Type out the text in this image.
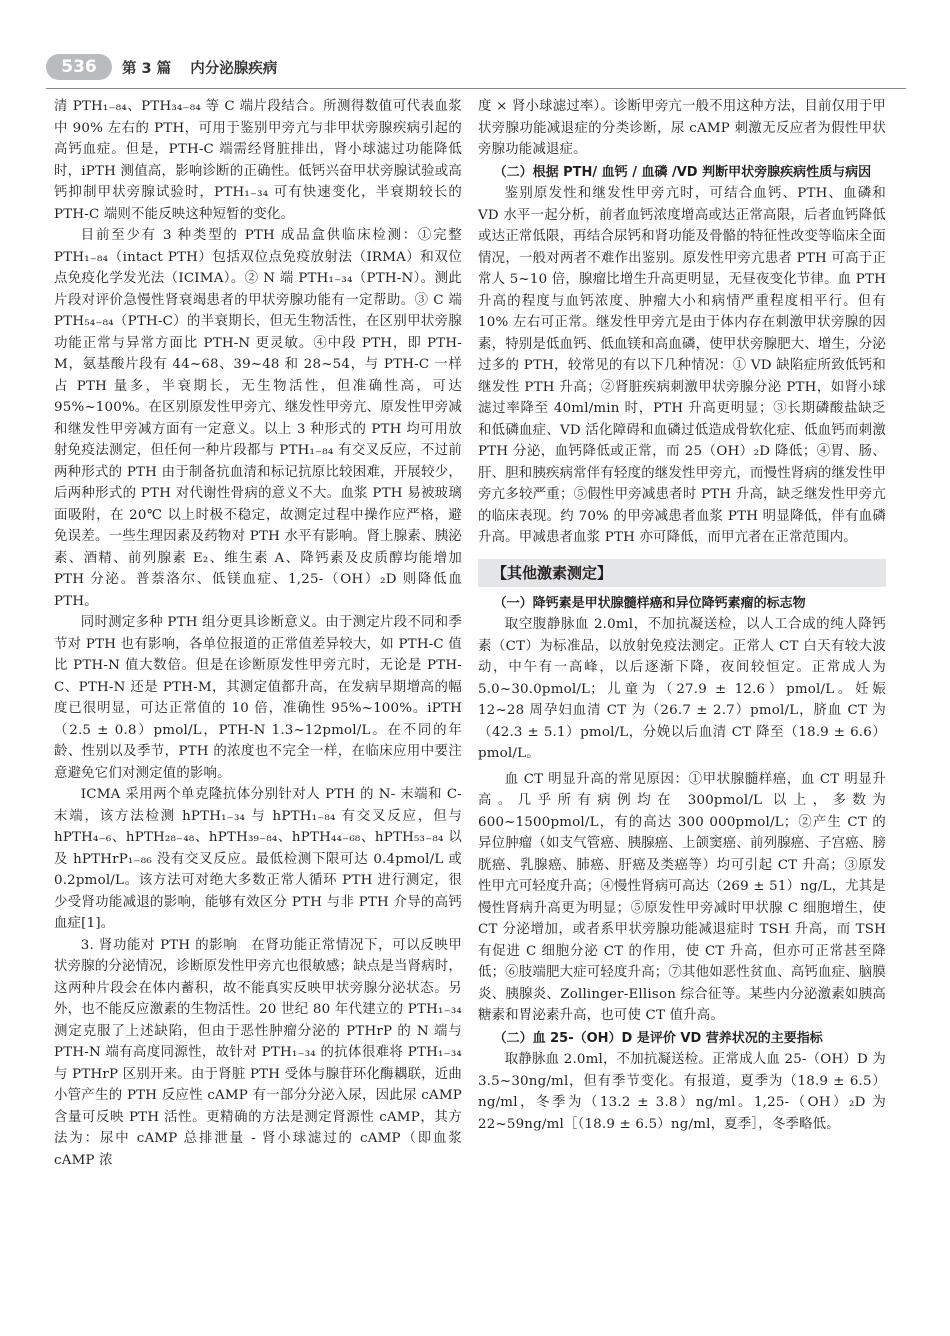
536	第 3 篇 内分泌腺疾病

清 PTH₁₋₈₄、PTH₃₄₋₈₄ 等 C 端片段结合。所测得数值可代表血浆中 90% 左右的 PTH，可用于鉴别甲旁亢与非甲状旁腺疾病引起的高钙血症。但是，PTH-C 端需经肾脏排出，肾小球滤过功能降低时，iPTH 测值高，影响诊断的正确性。低钙兴奋甲状旁腺试验或高钙抑制甲状旁腺试验时，PTH₁₋₃₄ 可有快速变化，半衰期较长的 PTH-C 端则不能反映这种短暂的变化。

目前至少有 3 种类型的 PTH 成品盒供临床检测：①完整 PTH₁₋₈₄（intact PTH）包括双位点免疫放射法（IRMA）和双位点免疫化学发光法（ICIMA）。② N 端 PTH₁₋₃₄（PTH-N）。测此片段对评价急慢性肾衰竭患者的甲状旁腺功能有一定帮助。③ C 端 PTH₅₄₋₈₄（PTH-C）的半衰期长，但无生物活性，在区别甲状旁腺功能正常与异常方面比 PTH-N 更灵敏。④中段 PTH，即 PTH-M，氨基酸片段有 44~68、39~48 和 28~54，与 PTH-C 一样占 PTH 量多，半衰期长，无生物活性，但准确性高，可达 95%~100%。在区别原发性甲旁亢、继发性甲旁亢、原发性甲旁减和继发性甲旁减方面有一定意义。以上 3 种形式的 PTH 均可用放射免疫法测定，但任何一种片段都与 PTH₁₋₈₄ 有交叉反应，不过前两种形式的 PTH 由于制备抗血清和标记抗原比较困难，开展较少，后两种形式的 PTH 对代谢性骨病的意义不大。血浆 PTH 易被玻璃面吸附，在 20℃ 以上时极不稳定，故测定过程中操作应严格，避免误差。一些生理因素及药物对 PTH 水平有影响。肾上腺素、胰泌素、酒精、前列腺素 E₂、维生素 A、降钙素及皮质醇均能增加 PTH 分泌。普萘洛尔、低镁血症、1,25-（OH）₂D 则降低血 PTH。

同时测定多种 PTH 组分更具诊断意义。由于测定片段不同和季节对 PTH 也有影响，各单位报道的正常值差异较大，如 PTH-C 值比 PTH-N 值大数倍。但是在诊断原发性甲旁亢时，无论是 PTH-C、PTH-N 还是 PTH-M，其测定值都升高，在发病早期增高的幅度已很明显，可达正常值的 10 倍，准确性 95%~100%。iPTH（2.5 ± 0.8）pmol/L，PTH-N 1.3~12pmol/L。在不同的年龄、性别以及季节，PTH 的浓度也不完全一样，在临床应用中要注意避免它们对测定值的影响。

ICMA 采用两个单克隆抗体分别针对人 PTH 的 N- 末端和 C- 末端，该方法检测 hPTH₁₋₃₄ 与 hPTH₁₋₈₄ 有交叉反应，但与 hPTH₄₋₆、hPTH₂₈₋₄₈、hPTH₃₉₋₈₄、hPTH₄₄₋₆₈、hPTH₅₃₋₈₄ 以及 hPTHrP₁₋₈₆ 没有交叉反应。最低检测下限可达 0.4pmol/L 或 0.2pmol/L。该方法可对绝大多数正常人循环 PTH 进行测定，很少受肾功能减退的影响，能够有效区分 PTH 与非 PTH 介导的高钙血症[1]。

3. 肾功能对 PTH 的影响　在肾功能正常情况下，可以反映甲状旁腺的分泌情况，诊断原发性甲旁亢也很敏感；缺点是当肾病时，这两种片段会在体内蓄积，故不能真实反映甲状旁腺分泌状态。另外，也不能反应激素的生物活性。20 世纪 80 年代建立的 PTH₁₋₃₄ 测定克服了上述缺陷，但由于恶性肿瘤分泌的 PTHrP 的 N 端与 PTH-N 端有高度同源性，故针对 PTH₁₋₃₄ 的抗体很难将 PTH₁₋₃₄ 与 PTHrP 区别开来。由于肾脏 PTH 受体与腺苷环化酶耦联，近曲小管产生的 PTH 反应性 cAMP 有一部分分泌入尿，因此尿 cAMP 含量可反映 PTH 活性。更精确的方法是测定肾源性 cAMP，其方法为：尿中 cAMP 总排泄量 - 肾小球滤过的 cAMP（即血浆 cAMP 浓

度 × 肾小球滤过率）。诊断甲旁亢一般不用这种方法，目前仅用于甲状旁腺功能减退症的分类诊断，尿 cAMP 刺激无反应者为假性甲状旁腺功能减退症。

（二）根据 PTH/ 血钙 / 血磷 /VD 判断甲状旁腺疾病性质与病因

鉴别原发性和继发性甲旁亢时，可结合血钙、PTH、血磷和 VD 水平一起分析，前者血钙浓度增高或达正常高限，后者血钙降低或达正常低限，再结合尿钙和肾功能及骨骼的特征性改变等临床全面情况，一般对两者不难作出鉴别。原发性甲旁亢患者 PTH 可高于正常人 5~10 倍，腺瘤比增生升高更明显，无昼夜变化节律。血 PTH 升高的程度与血钙浓度、肿瘤大小和病情严重程度相平行。但有 10% 左右可正常。继发性甲旁亢是由于体内存在刺激甲状旁腺的因素，特别是低血钙、低血镁和高血磷，使甲状旁腺肥大、增生，分泌过多的 PTH，较常见的有以下几种情况：① VD 缺陷症所致低钙和继发性 PTH 升高；②肾脏疾病刺激甲状旁腺分泌 PTH，如肾小球滤过率降至 40ml/min 时，PTH 升高更明显；③长期磷酸盐缺乏和低磷血症、VD 活化障碍和血磷过低造成骨软化症、低血钙而刺激 PTH 分泌，血钙降低或正常，而 25（OH）₂D 降低；④胃、肠、肝、胆和胰疾病常伴有轻度的继发性甲旁亢，而慢性肾病的继发性甲旁亢多较严重；⑤假性甲旁减患者时 PTH 升高，缺乏继发性甲旁亢的临床表现。约 70% 的甲旁减患者血浆 PTH 明显降低，伴有血磷升高。甲减患者血浆 PTH 亦可降低，而甲亢者在正常范围内。

【其他激素测定】
（一）降钙素是甲状腺髓样癌和异位降钙素瘤的标志物

取空腹静脉血 2.0ml，不加抗凝送检，以人工合成的纯人降钙素（CT）为标准品，以放射免疫法测定。正常人 CT 白天有较大波动，中午有一高峰，以后逐渐下降，夜间较恒定。正常成人为 5.0~30.0pmol/L；儿童为（27.9 ± 12.6）pmol/L。妊娠 12~28 周孕妇血清 CT 为（26.7 ± 2.7）pmol/L，脐血 CT 为（42.3 ± 5.1）pmol/L，分娩以后血清 CT 降至（18.9 ± 6.6）pmol/L。

血 CT 明显升高的常见原因：①甲状腺髓样癌，血 CT 明显升高。几乎所有病例均在 300pmol/L 以上，多数为 600~1500pmol/L，有的高达 300 000pmol/L；②产生 CT 的异位肿瘤（如支气管癌、胰腺癌、上颌窦癌、前列腺癌、子宫癌、膀胱癌、乳腺癌、肺癌、肝癌及类癌等）均可引起 CT 升高；③原发性甲亢可轻度升高；④慢性肾病可高达（269 ± 51）ng/L，尤其是慢性肾病升高更为明显；⑤原发性甲旁减时甲状腺 C 细胞增生，使 CT 分泌增加，或者系甲状旁腺功能减退症时 TSH 升高，而 TSH 有促进 C 细胞分泌 CT 的作用，使 CT 升高，但亦可正常甚至降低；⑥肢端肥大症可轻度升高；⑦其他如恶性贫血、高钙血症、脑膜炎、胰腺炎、Zollinger-Ellison 综合征等。某些内分泌激素如胰高糖素和胃泌素升高，也可使 CT 值升高。

（二）血 25-（OH）D 是评价 VD 营养状况的主要指标

取静脉血 2.0ml，不加抗凝送检。正常成人血 25-（OH）D 为 3.5~30ng/ml，但有季节变化。有报道，夏季为（18.9 ± 6.5）ng/ml，冬季为（13.2 ± 3.8）ng/ml。1,25-（OH）₂D 为 22~59ng/ml［（18.9 ± 6.5）ng/ml，夏季］，冬季略低。
